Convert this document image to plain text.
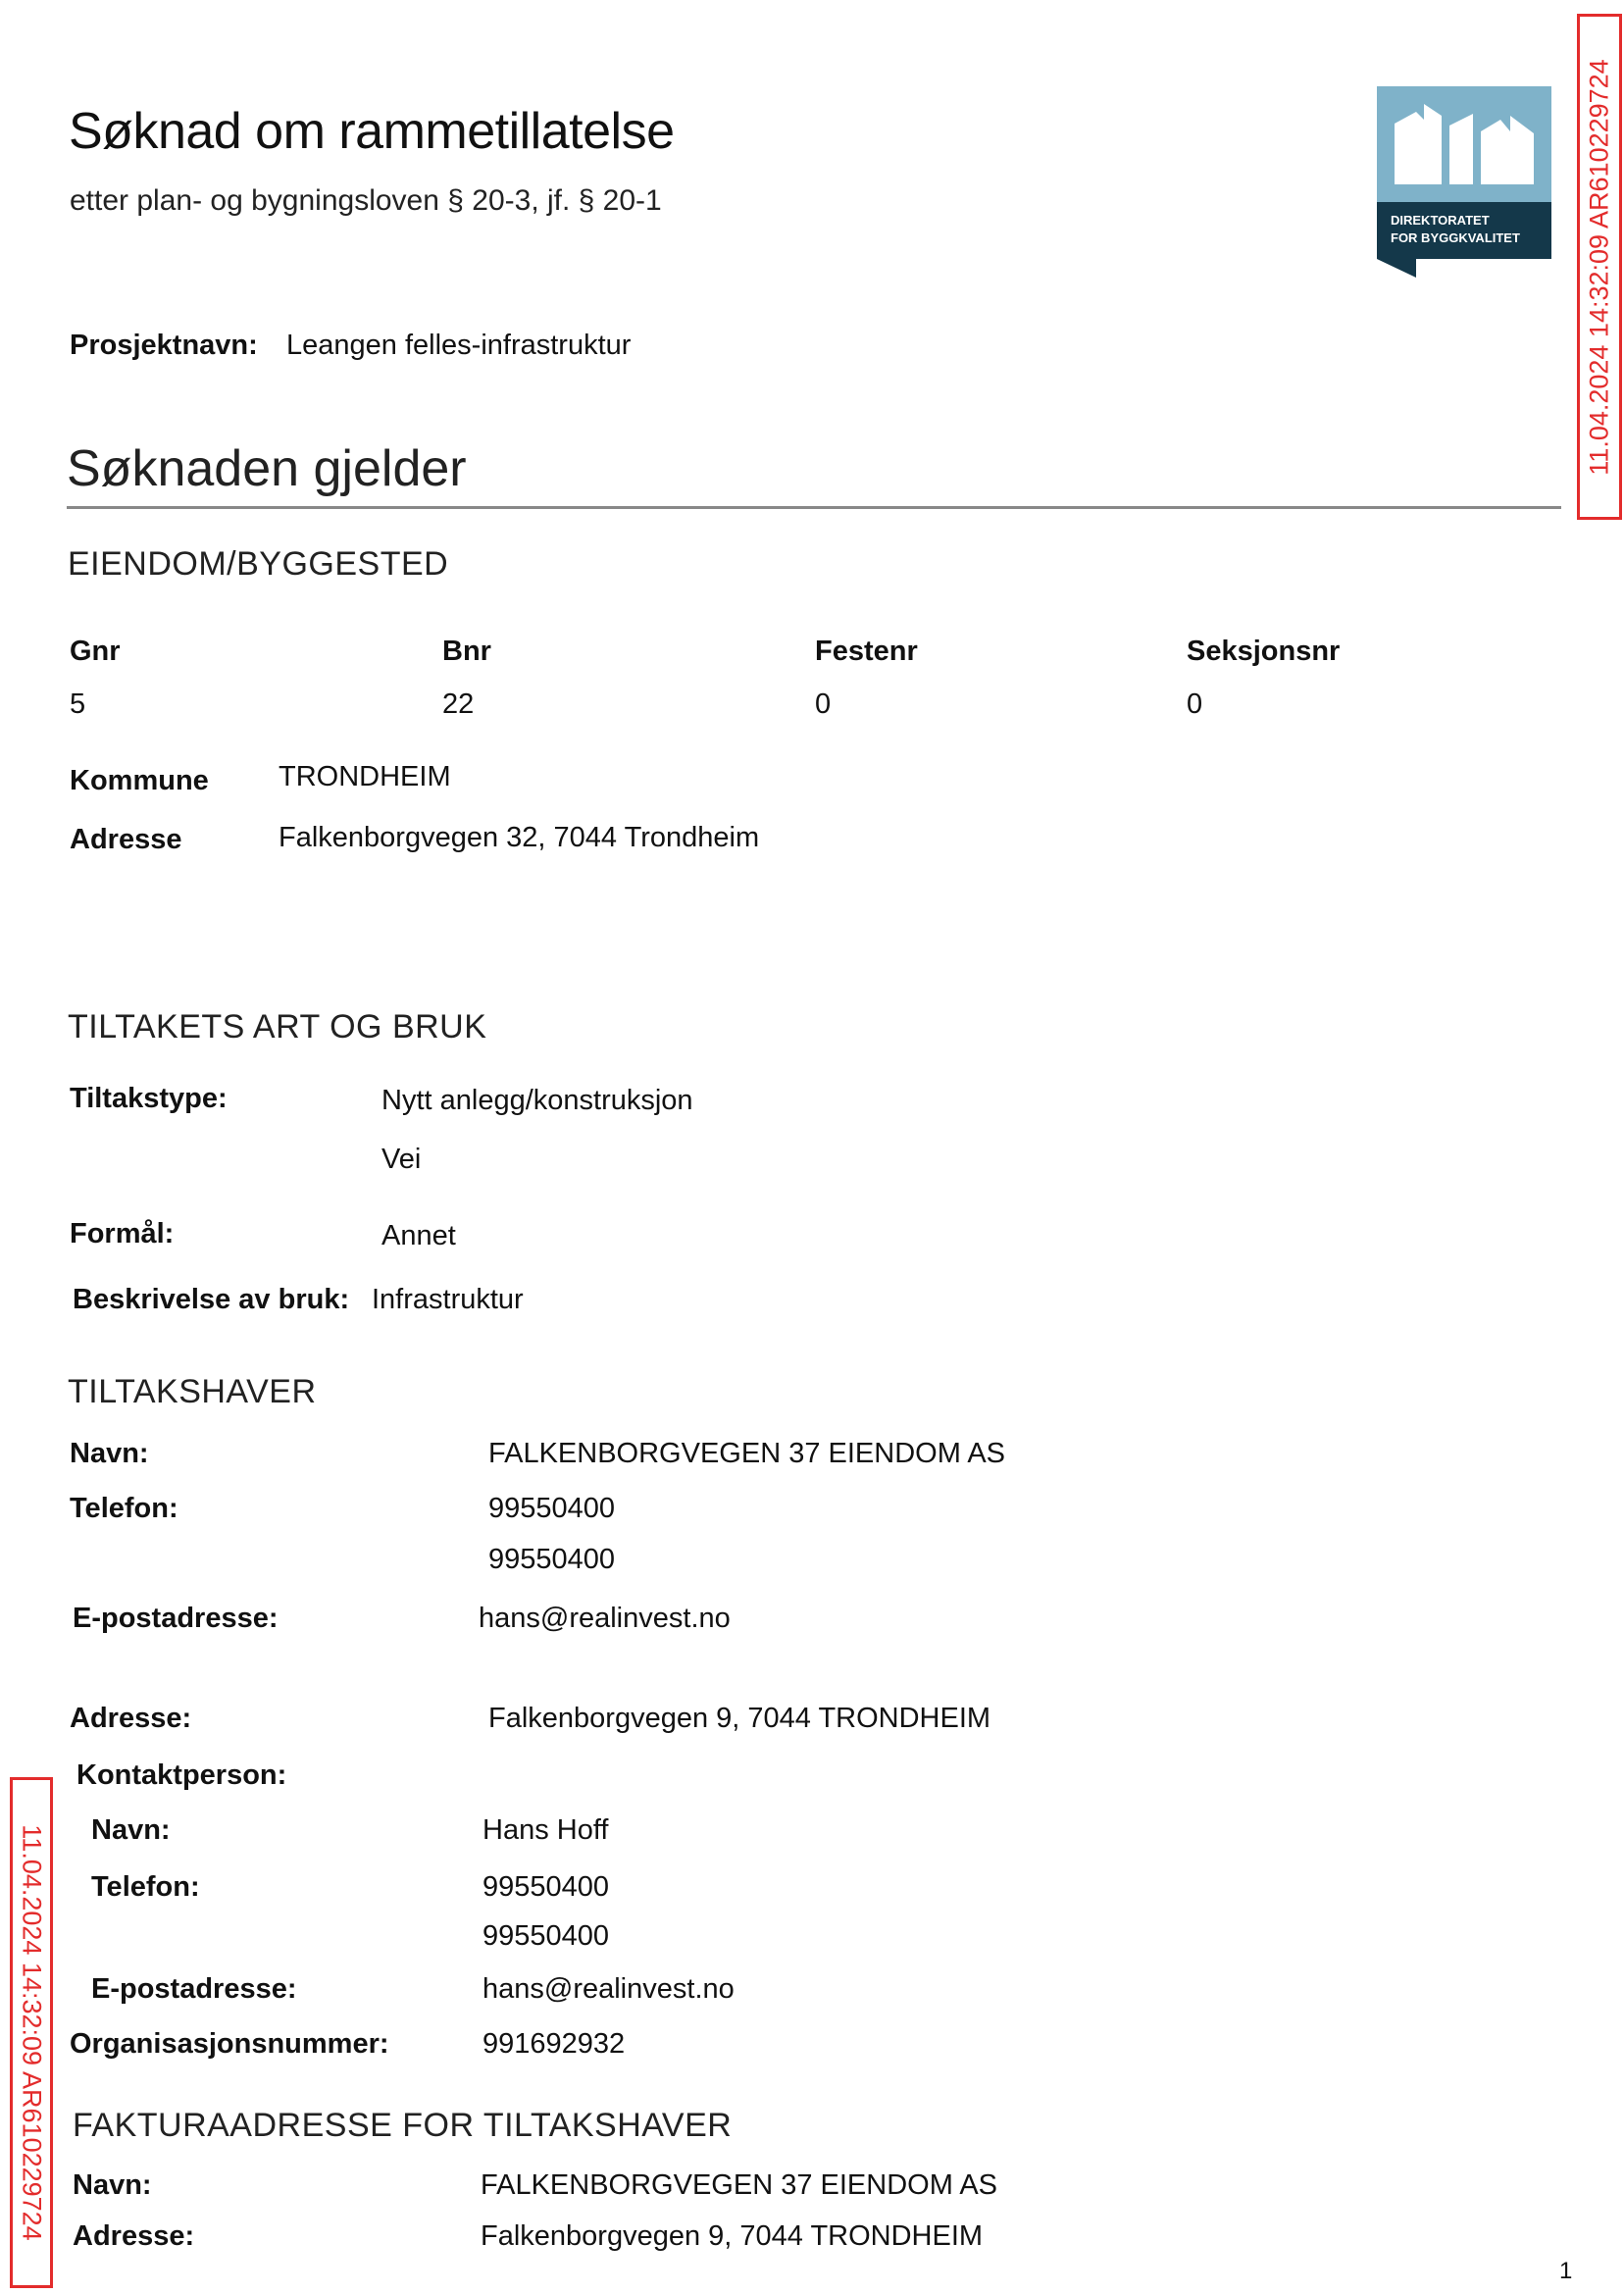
Søknad om rammetillatelse
etter plan- og bygningsloven § 20-3, jf. § 20-1
DIREKTORATET
FOR BYGGKVALITET
Prosjektnavn: Leangen felles-infrastruktur
Søknaden gjelder
EIENDOM/BYGGESTED
Gnr	Bnr	Festenr	Seksjonsnr
5	22	0	0
Kommune TRONDHEIM
Adresse	Falkenborgvegen 32, 7044 Trondheim
TILTAKETS ART OG BRUK
Tiltakstype:	Nytt anlegg/konstruksjon
Vei
Formål:	Annet
Beskrivelse av bruk: Infrastruktur
TILTAKSHAVER
Navn:	FALKENBORGVEGEN 37 EIENDOM AS
Telefon:	99550400
99550400
E-postadresse:	hans@realinvest.no
Adresse:	Falkenborgvegen 9, 7044 TRONDHEIM
Kontaktperson:
Navn:	Hans Hoff
Telefon:	99550400
99550400
E-postadresse:	hans@realinvest.no
Organisasjonsnummer:	991692932
FAKTURAADRESSE FOR TILTAKSHAVER
Navn:	FALKENBORGVEGEN 37 EIENDOM AS
Adresse:	Falkenborgvegen 9, 7044 TRONDHEIM
11.04.2024 14:32:09 AR610229724
11.04.2024 14:32:09 AR610229724
1
